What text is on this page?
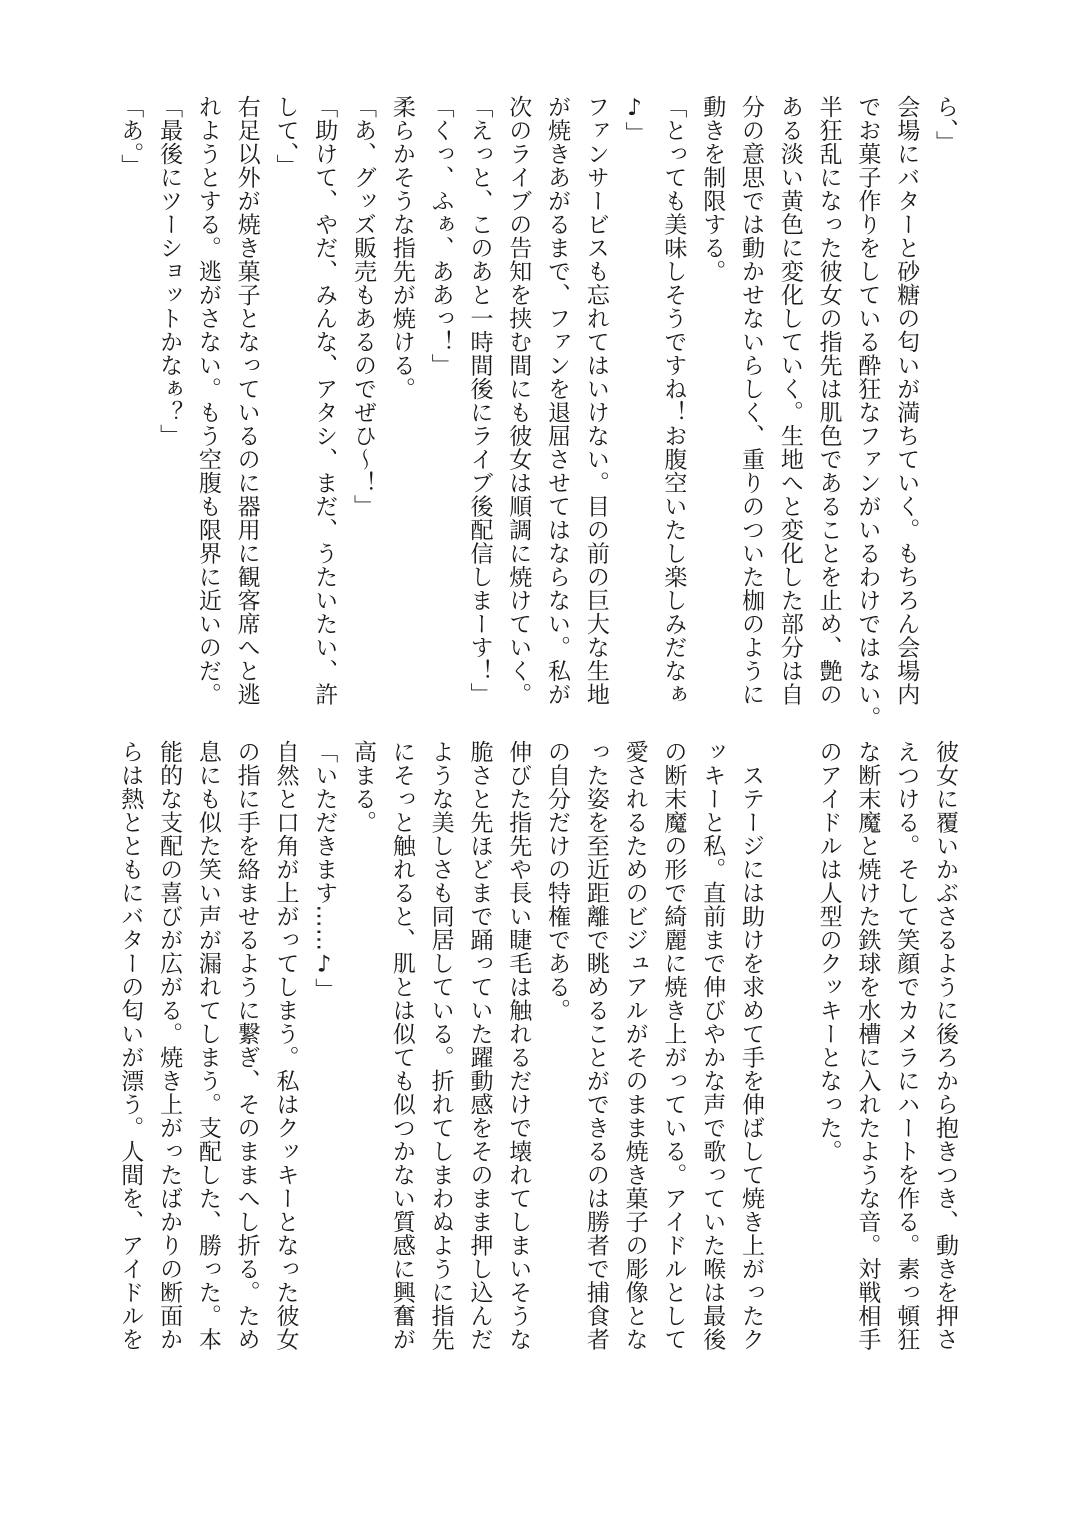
ら、」
会場にバターと砂糖の匂いが満ちていく。もちろん会場内
でお菓子作りをしている酔狂なファンがいるわけではない。
半狂乱になった彼女の指先は肌色であることを止め、艶の
ある淡い黄色に変化していく。生地へと変化した部分は自
分の意思では動かせないらしく、重りのついた枷のように
動きを制限する。
「とっても美味しそうですね！お腹空いたし楽しみだなぁ
♪」
ファンサービスも忘れてはいけない。目の前の巨大な生地
が焼きあがるまで、ファンを退屈させてはならない。私が
次のライブの告知を挟む間にも彼女は順調に焼けていく。
「えっと、このあと一時間後にライブ後配信しまーす！」
「くっ、ふぁ、ああっ！」
柔らかそうな指先が焼ける。
「あ、グッズ販売もあるのでぜひ～！」
「助けて、やだ、みんな、アタシ、まだ、うたいたい、許
して、」
右足以外が焼き菓子となっているのに器用に観客席へと逃
れようとする。逃がさない。もう空腹も限界に近いのだ。
「最後にツーショットかなぁ？」
「あ。」
彼女に覆いかぶさるように後ろから抱きつき、動きを押さ
えつける。そして笑顔でカメラにハートを作る。素っ頓狂
な断末魔と焼けた鉄球を水槽に入れたような音。対戦相手
のアイドルは人型のクッキーとなった。

　ステージには助けを求めて手を伸ばして焼き上がったク
ッキーと私。直前まで伸びやかな声で歌っていた喉は最後
の断末魔の形で綺麗に焼き上がっている。アイドルとして
愛されるためのビジュアルがそのまま焼き菓子の彫像とな
った姿を至近距離で眺めることができるのは勝者で捕食者
の自分だけの特権である。
伸びた指先や長い睫毛は触れるだけで壊れてしまいそうな
脆さと先ほどまで踊っていた躍動感をそのまま押し込んだ
ような美しさも同居している。折れてしまわぬように指先
にそっと触れると、肌とは似ても似つかない質感に興奮が
高まる。
「いただきます……♪」
自然と口角が上がってしまう。私はクッキーとなった彼女
の指に手を絡ませるように繋ぎ、そのままへし折る。ため
息にも似た笑い声が漏れてしまう。支配した、勝った。本
能的な支配の喜びが広がる。焼き上がったばかりの断面か
らは熱とともにバターの匂いが漂う。人間を、アイドルを
